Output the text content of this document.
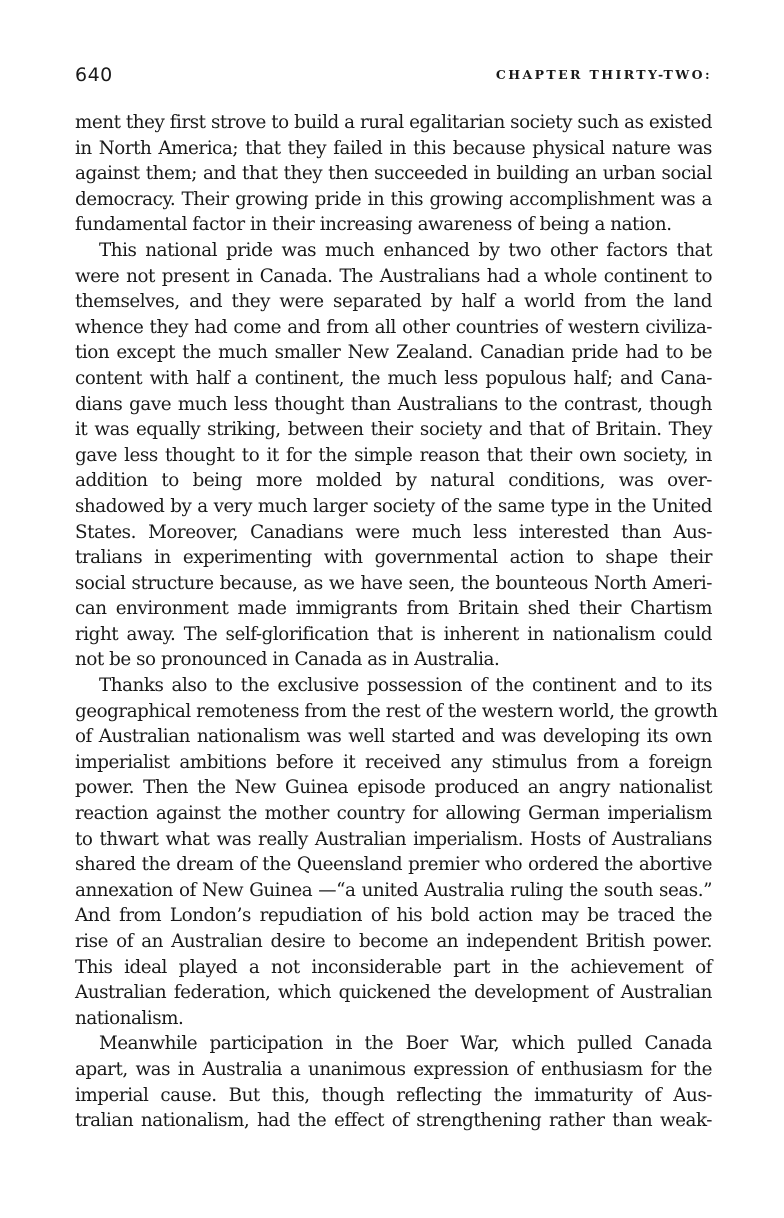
640	CHAPTER THIRTY-TWO:
ment they first strove to build a rural egalitarian society such as existed
in North America; that they failed in this because physical nature was
against them; and that they then succeeded in building an urban social
democracy. Their growing pride in this growing accomplishment was a
fundamental factor in their increasing awareness of being a nation.
This national pride was much enhanced by two other factors that
were not present in Canada. The Australians had a whole continent to
themselves, and they were separated by half a world from the land
whence they had come and from all other countries of western civiliza-
tion except the much smaller New Zealand. Canadian pride had to be
content with half a continent, the much less populous half; and Cana-
dians gave much less thought than Australians to the contrast, though
it was equally striking, between their society and that of Britain. They
gave less thought to it for the simple reason that their own society, in
addition to being more molded by natural conditions, was over-
shadowed by a very much larger society of the same type in the United
States. Moreover, Canadians were much less interested than Aus-
tralians in experimenting with governmental action to shape their
social structure because, as we have seen, the bounteous North Ameri-
can environment made immigrants from Britain shed their Chartism
right away. The self-glorification that is inherent in nationalism could
not be so pronounced in Canada as in Australia.
Thanks also to the exclusive possession of the continent and to its
geographical remoteness from the rest of the western world, the growth
of Australian nationalism was well started and was developing its own
imperialist ambitions before it received any stimulus from a foreign
power. Then the New Guinea episode produced an angry nationalist
reaction against the mother country for allowing German imperialism
to thwart what was really Australian imperialism. Hosts of Australians
shared the dream of the Queensland premier who ordered the abortive
annexation of New Guinea —“a united Australia ruling the south seas.”
And from London’s repudiation of his bold action may be traced the
rise of an Australian desire to become an independent British power.
This ideal played a not inconsiderable part in the achievement of
Australian federation, which quickened the development of Australian
nationalism.
Meanwhile participation in the Boer War, which pulled Canada
apart, was in Australia a unanimous expression of enthusiasm for the
imperial cause. But this, though reflecting the immaturity of Aus-
tralian nationalism, had the effect of strengthening rather than weak-
